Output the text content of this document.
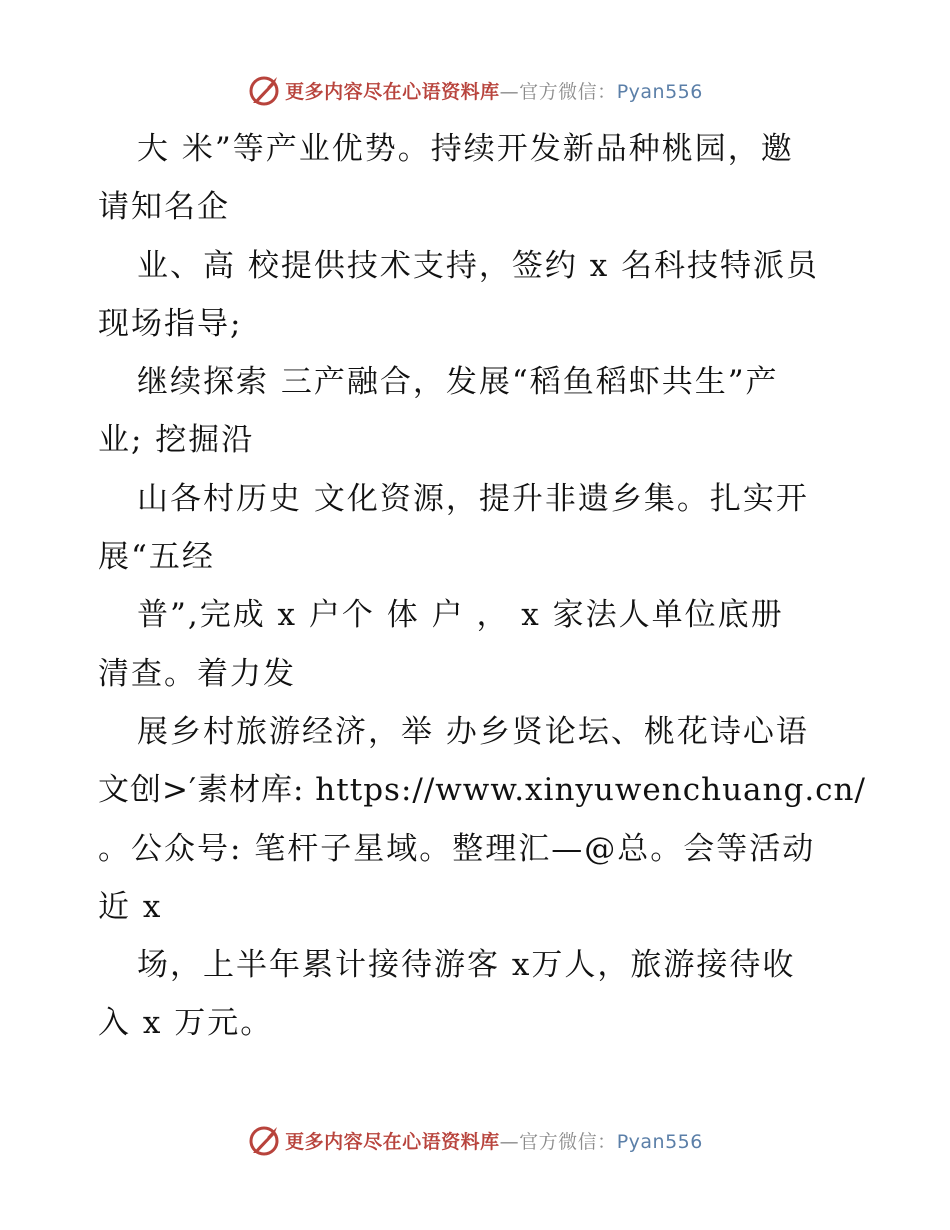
更多内容尽在心语资料库—官方微信：Pyan556
大 米”等产业优势。持续开发新品种桃园，邀
请知名企
业、高 校提供技术支持，签约 x 名科技特派员
现场指导;
继续探索 三产融合，发展“稻鱼稻虾共生”产
业; 挖掘沿
山各村历史 文化资源，提升非遗乡集。扎实开
展“五经
普”,完成 x 户个 体 户 ， x 家法人单位底册
清查。着力发
展乡村旅游经济，举 办乡贤论坛、桃花诗心语
文创>′素材库: https://www.xinyuwenchuang.cn/
。公众号: 笔杆子星域。整理汇—@总。会等活动
近 x
场，上半年累计接待游客 x万人，旅游接待收
入 x 万元。
更多内容尽在心语资料库—官方微信：Pyan556
